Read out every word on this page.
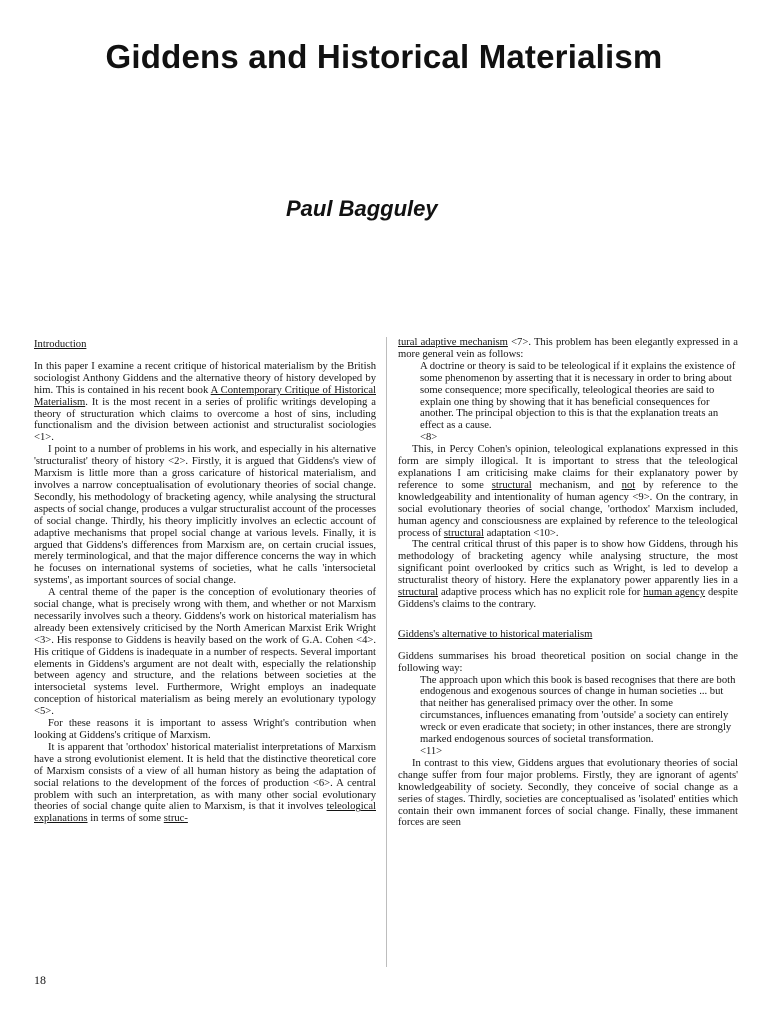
Giddens and Historical Materialism
Paul Bagguley
Introduction

In this paper I examine a recent critique of historical materialism by the British sociologist Anthony Giddens and the alternative theory of history developed by him. This is contained in his recent book A Contemporary Critique of Historical Materialism. It is the most recent in a series of prolific writings developing a theory of structuration which claims to overcome a host of sins, including functionalism and the division between actionist and structuralist sociologies <1>.

I point to a number of problems in his work, and especially in his alternative 'structuralist' theory of history <2>. Firstly, it is argued that Giddens's view of Marxism is little more than a gross caricature of historical materialism, and involves a narrow conceptualisation of evolutionary theories of social change. Secondly, his methodology of bracketing agency, while analysing the structural aspects of social change, produces a vulgar structuralist account of the processes of social change. Thirdly, his theory implicitly involves an eclectic account of adaptive mechanisms that propel social change at various levels. Finally, it is argued that Giddens's differences from Marxism are, on certain crucial issues, merely terminological, and that the major difference concerns the way in which he focuses on international systems of societies, what he calls 'intersocietal systems', as important sources of social change.

A central theme of the paper is the conception of evolutionary theories of social change, what is precisely wrong with them, and whether or not Marxism necessarily involves such a theory. Giddens's work on historical materialism has already been extensively criticised by the North American Marxist Erik Wright <3>. His response to Giddens is heavily based on the work of G.A. Cohen <4>. His critique of Giddens is inadequate in a number of respects. Several important elements in Giddens's argument are not dealt with, especially the relationship between agency and structure, and the relations between societies at the intersocietal systems level. Furthermore, Wright employs an inadequate conception of historical materialism as being merely an evolutionary typology <5>.

For these reasons it is important to assess Wright's contribution when looking at Giddens's critique of Marxism.

It is apparent that 'orthodox' historical materialist interpretations of Marxism have a strong evolutionist element. It is held that the distinctive theoretical core of Marxism consists of a view of all human history as being the adaptation of social relations to the development of the forces of production <6>. A central problem with such an interpretation, as with many other social evolutionary theories of social change quite alien to Marxism, is that it involves teleological explanations in terms of some struc-

tural adaptive mechanism <7>. This problem has been elegantly expressed in a more general vein as follows:

A doctrine or theory is said to be teleological if it explains the existence of some phenomenon by asserting that it is necessary in order to bring about some consequence; more specifically, teleological theories are said to explain one thing by showing that it has beneficial consequences for another. The principal objection to this is that the explanation treats an effect as a cause.

<8>

This, in Percy Cohen's opinion, teleological explanations expressed in this form are simply illogical. It is important to stress that the teleological explanations I am criticising make claims for their explanatory power by reference to some structural mechanism, and not by reference to the knowledgeability and intentionality of human agency <9>. On the contrary, in social evolutionary theories of social change, 'orthodox' Marxism included, human agency and consciousness are explained by reference to the teleological process of structural adaptation <10>.

The central critical thrust of this paper is to show how Giddens, through his methodology of bracketing agency while analysing structure, the most significant point overlooked by critics such as Wright, is led to develop a structuralist theory of history. Here the explanatory power apparently lies in a structural adaptive process which has no explicit role for human agency despite Giddens's claims to the contrary.

Giddens's alternative to historical materialism

Giddens summarises his broad theoretical position on social change in the following way:

The approach upon which this book is based recognises that there are both endogenous and exogenous sources of change in human societies ... but that neither has generalised primacy over the other. In some circumstances, influences emanating from 'outside' a society can entirely wreck or even eradicate that society; in other instances, there are strongly marked endogenous sources of societal transformation.

<11>

In contrast to this view, Giddens argues that evolutionary theories of social change suffer from four major problems. Firstly, they are ignorant of agents' knowledgeability of society. Secondly, they conceive of social change as a series of stages. Thirdly, societies are conceptualised as 'isolated' entities which contain their own immanent forces of social change. Finally, these immanent forces are seen

18
